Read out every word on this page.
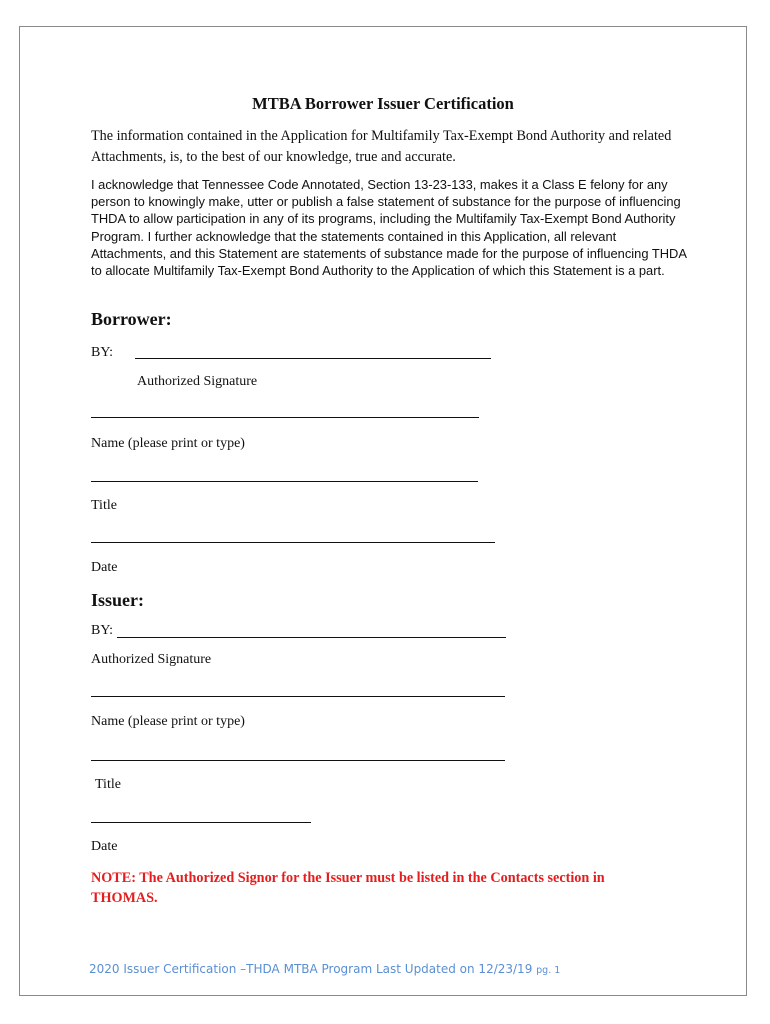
MTBA Borrower Issuer Certification
The information contained in the Application for Multifamily Tax-Exempt Bond Authority and related Attachments, is, to the best of our knowledge, true and accurate.
I acknowledge that Tennessee Code Annotated, Section 13-23-133, makes it a Class E felony for any person to knowingly make, utter or publish a false statement of substance for the purpose of influencing THDA to allow participation in any of its programs, including the Multifamily Tax-Exempt Bond Authority Program. I further acknowledge that the statements contained in this Application, all relevant Attachments, and this Statement are statements of substance made for the purpose of influencing THDA to allocate Multifamily Tax-Exempt Bond Authority to the Application of which this Statement is a part.
Borrower:
BY:
Authorized Signature
Name (please print or type)
Title
Date
Issuer:
BY:
Authorized Signature
Name (please print or type)
Title
Date
NOTE: The Authorized Signor for the Issuer must be listed in the Contacts section in THOMAS.
2020 Issuer Certification –THDA MTBA Program Last Updated on 12/23/19 pg. 1
